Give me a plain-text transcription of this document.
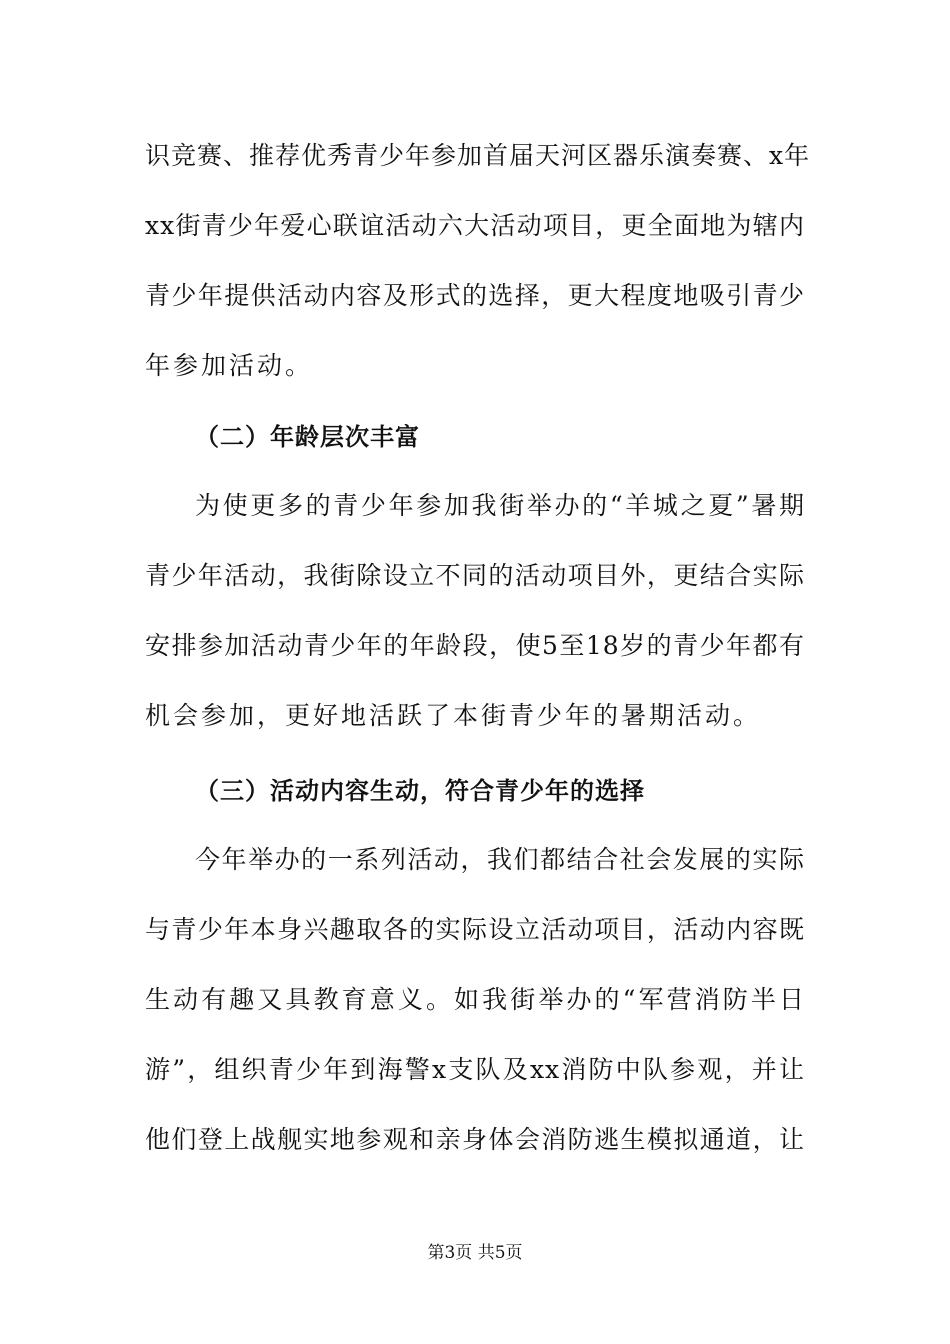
识竞赛、推荐优秀青少年参加首届天河区器乐演奏赛、x年
xx街青少年爱心联谊活动六大活动项目，更全面地为辖内
青少年提供活动内容及形式的选择，更大程度地吸引青少
年参加活动。
（二）年龄层次丰富
为使更多的青少年参加我街举办的“羊城之夏”暑期
青少年活动，我街除设立不同的活动项目外，更结合实际
安排参加活动青少年的年龄段，使5至18岁的青少年都有
机会参加，更好地活跃了本街青少年的暑期活动。
（三）活动内容生动，符合青少年的选择
今年举办的一系列活动，我们都结合社会发展的实际
与青少年本身兴趣取各的实际设立活动项目，活动内容既
生动有趣又具教育意义。如我街举办的“军营消防半日
游”，组织青少年到海警x支队及xx消防中队参观，并让
他们登上战舰实地参观和亲身体会消防逃生模拟通道，让
第3页 共5页
